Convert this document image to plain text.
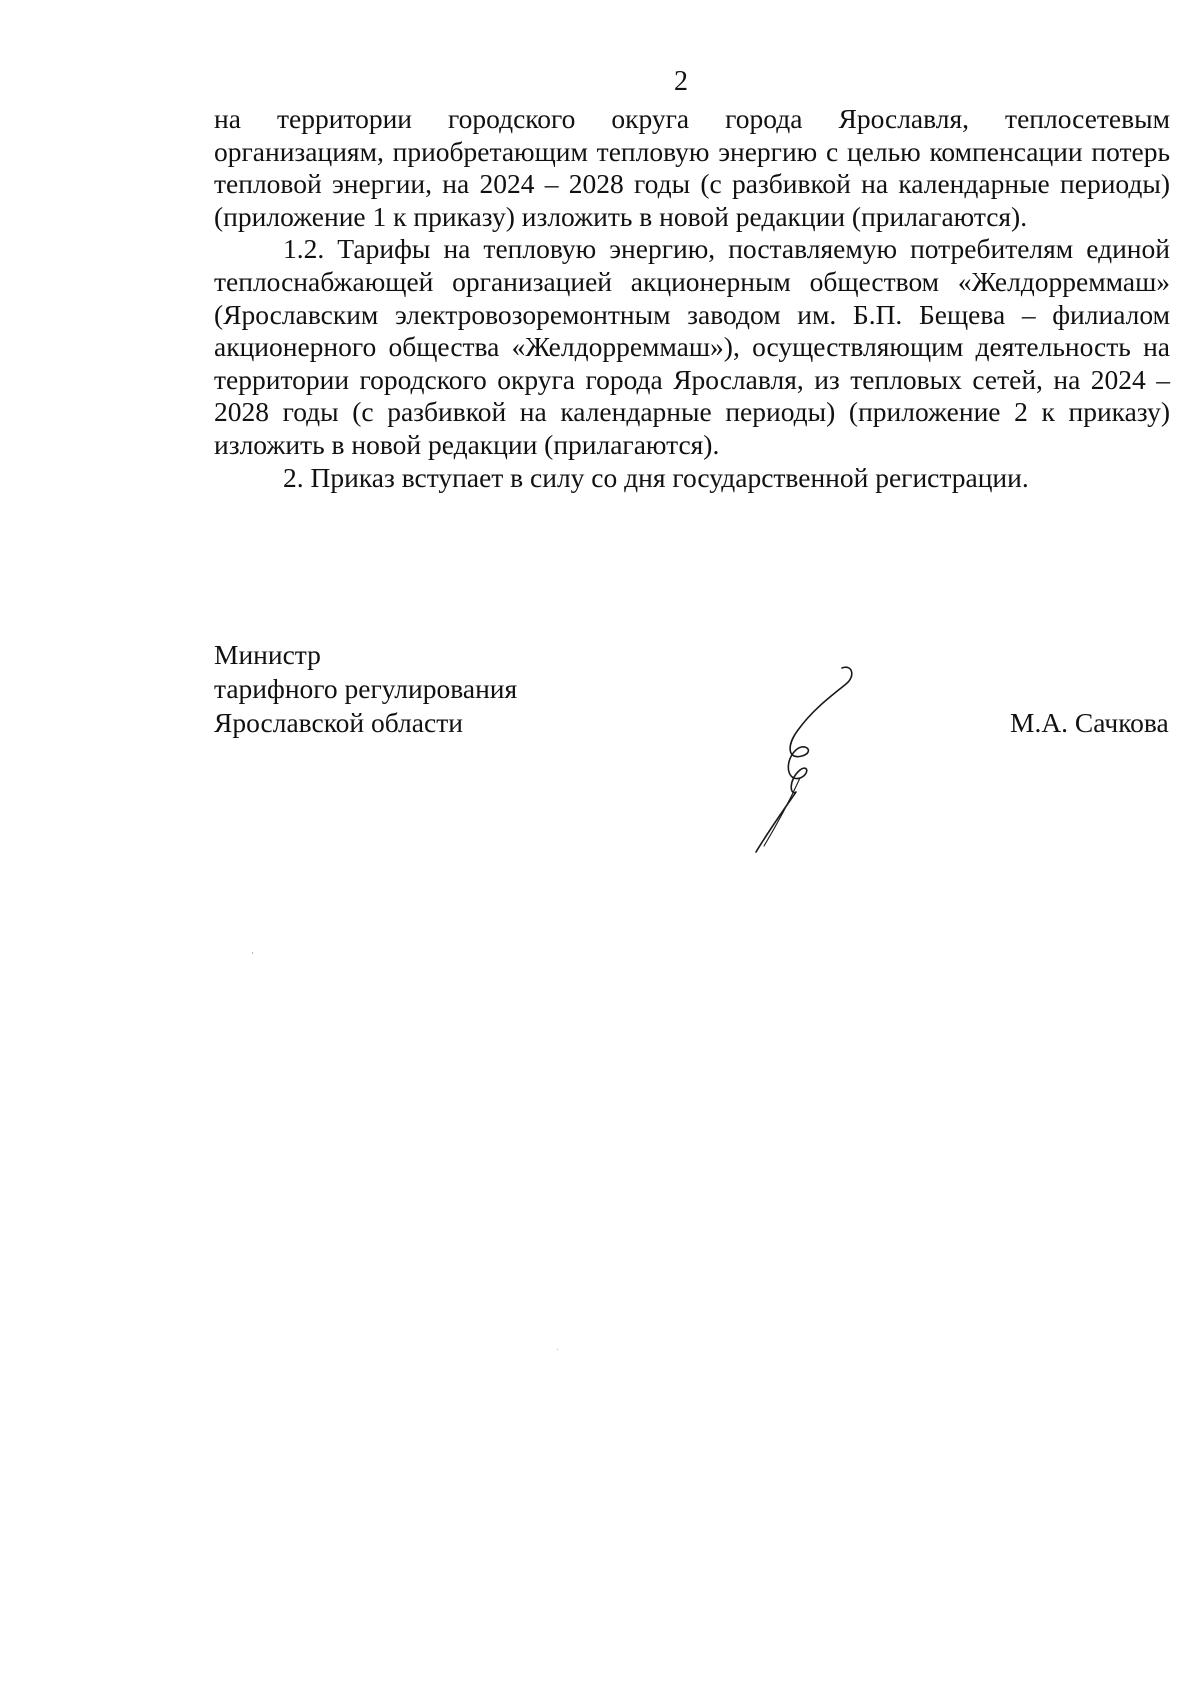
2

на территории городского округа города Ярославля, теплосетевым организациям, приобретающим тепловую энергию с целью компенсации потерь тепловой энергии, на 2024 – 2028 годы (с разбивкой на календарные периоды) (приложение 1 к приказу) изложить в новой редакции (прилагаются).

1.2. Тарифы на тепловую энергию, поставляемую потребителям единой теплоснабжающей организацией акционерным обществом «Желдорреммаш» (Ярославским электровозоремонтным заводом им. Б.П. Бещева – филиалом акционерного общества «Желдорреммаш»), осуществляющим деятельность на территории городского округа города Ярославля, из тепловых сетей, на 2024 – 2028 годы (с разбивкой на календарные периоды) (приложение 2 к приказу) изложить в новой редакции (прилагаются).

2. Приказ вступает в силу со дня государственной регистрации.

Министр
тарифного регулирования
Ярославской области	М.А. Сачкова
